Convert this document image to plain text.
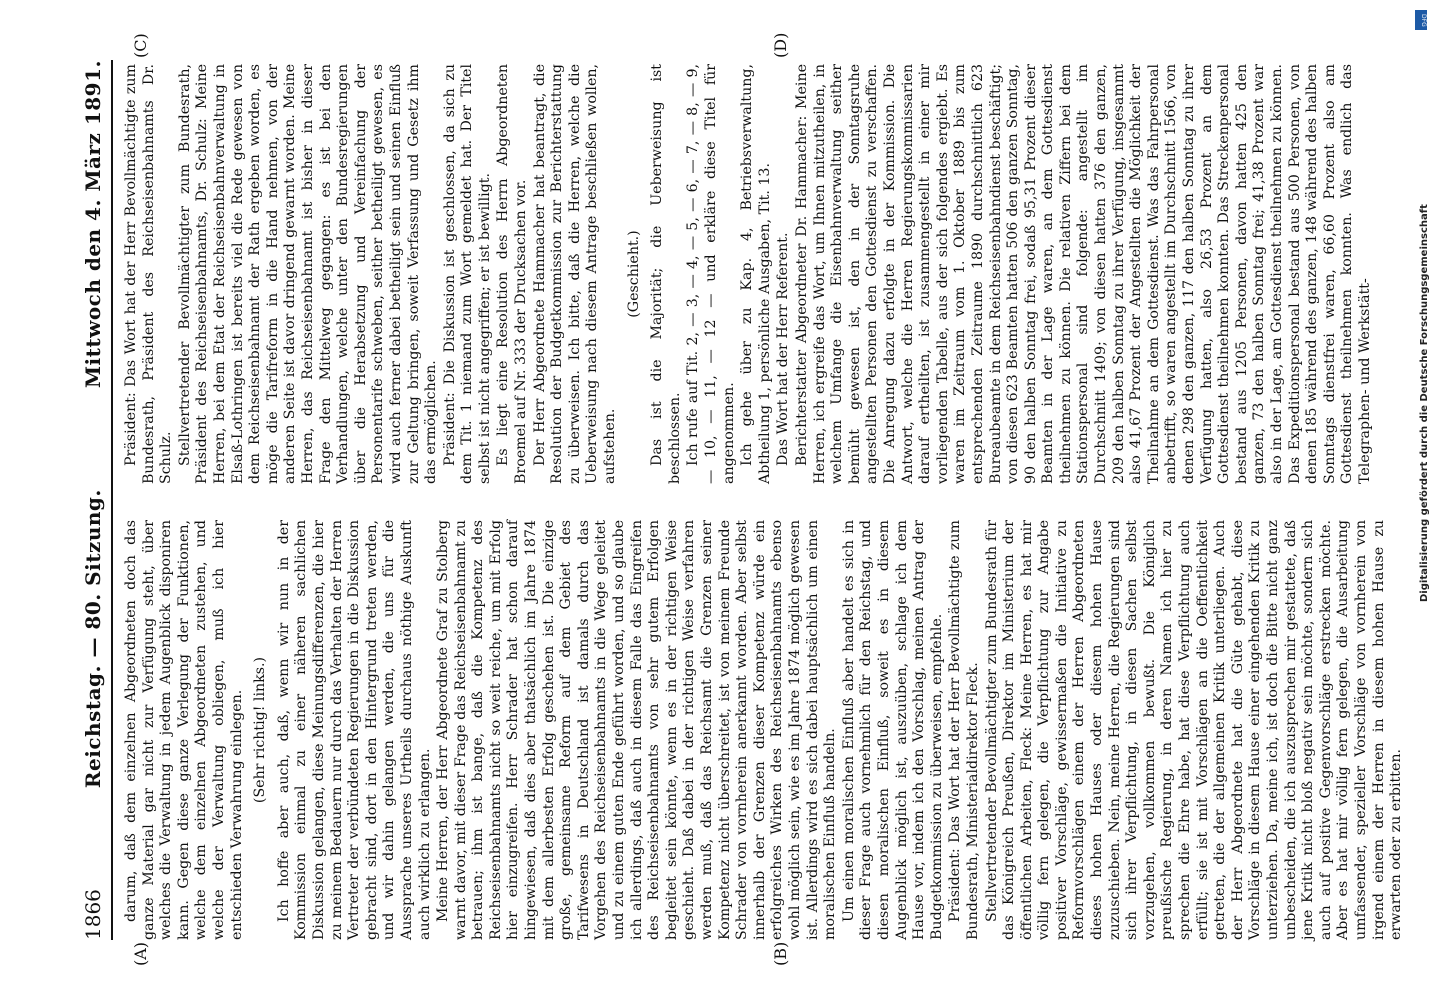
1866
Reichstag. — 80. Sitzung.
Mittwoch den 4. März 1891.
(A)	(B)
(C)	(D)

darum, daß dem einzelnen Abgeordneten doch das ganze Material gar nicht zur Verfügung steht, über welches die Verwaltung in jedem Augenblick disponiren kann. Gegen diese ganze Verlegung der Funktionen, welche dem einzelnen Abgeordneten zustehen, und welche der Verwaltung obliegen, muß ich hier entschieden Verwahrung einlegen. (Sehr richtig! links.) Ich hoffe aber auch, daß, wenn wir nun in der Kommission einmal zu einer näheren sachlichen Diskussion gelangen, diese Meinungsdifferenzen, die hier zu meinem Bedauern nur durch das Verhalten der Herren Vertreter der verbündeten Regierungen in die Diskussion gebracht sind, dort in den Hintergrund treten werden, und wir dahin gelangen werden, die uns für die Aussprache unseres Urtheils durchaus nöthige Auskunft auch wirklich zu erlangen. Meine Herren, der Herr Abgeordnete Graf zu Stolberg warnt davor, mit dieser Frage das Reichseisenbahnamt zu betrauen; ihm ist bange, daß die Kompetenz des Reichseisenbahnamts nicht so weit reiche, um mit Erfolg hier einzugreifen. Herr Schrader hat schon darauf hingewiesen, daß dies aber thatsächlich im Jahre 1874 mit dem allerbesten Erfolg geschehen ist. Die einzige große, gemeinsame Reform auf dem Gebiet des Tarifwesens in Deutschland ist damals durch das Vorgehen des Reichseisenbahnamts in die Wege geleitet und zu einem guten Ende geführt worden, und so glaube ich allerdings, daß auch in diesem Falle das Eingreifen des Reichseisenbahnamts von sehr gutem Erfolgen begleitet sein könnte, wenn es in der richtigen Weise geschieht. Daß dabei in der richtigen Weise verfahren werden muß, daß das Reichsamt die Grenzen seiner Kompetenz nicht überschreitet, ist von meinem Freunde Schrader von vornherein anerkannt worden. Aber selbst innerhalb der Grenzen dieser Kompetenz würde ein erfolgreiches Wirken des Reichseisenbahnamts ebenso wohl möglich sein, wie es im Jahre 1874 möglich gewesen ist. Allerdings wird es sich dabei hauptsächlich um einen moralischen Einfluß handeln. Um einen moralischen Einfluß aber handelt es sich in dieser Frage auch vornehmlich für den Reichstag, und diesen moralischen Einfluß, soweit es in diesem Augenblick möglich ist, auszuüben, schlage ich dem Hause vor, indem ich den Vorschlag, meinen Antrag der Budgetkommission zu überweisen, empfehle. Präsident: Das Wort hat der Herr Bevollmächtigte zum Bundesrath, Ministerialdirektor Fleck. Stellvertretender Bevollmächtigter zum Bundesrath für das Königreich Preußen, Direktor im Ministerium der öffentlichen Arbeiten, Fleck: Meine Herren, es hat mir völlig fern gelegen, die Verpflichtung zur Angabe positiver Vorschläge, gewissermaßen die Initiative zu Reformvorschlägen einem der Herren Abgeordneten dieses hohen Hauses oder diesem hohen Hause zuzuschieben. Nein, meine Herren, die Regierungen sind sich ihrer Verpflichtung, in diesen Sachen selbst vorzugehen, vollkommen bewußt. Die Königlich preußische Regierung, in deren Namen ich hier zu sprechen die Ehre habe, hat diese Verpflichtung auch erfüllt; sie ist mit Vorschlägen an die Oeffentlichkeit getreten, die der allgemeinen Kritik unterliegen. Auch der Herr Abgeordnete hat die Güte gehabt, diese Vorschläge in diesem Hause einer eingehenden Kritik zu unterziehen. Da, meine ich, ist doch die Bitte nicht ganz unbescheiden, die ich auszusprechen mir gestattete, daß jene Kritik nicht bloß negativ sein möchte, sondern sich auch auf positive Gegenvorschläge erstrecken möchte. Aber es hat mir völlig fern gelegen, die Ausarbeitung umfassender, spezieller Vorschläge von vornherein von irgend einem der Herren in diesem hohen Hause zu erwarten oder zu erbitten.

Präsident: Das Wort hat der Herr Bevollmächtigte zum Bundesrath, Präsident des Reichseisenbahnamts Dr. Schulz. Stellvertretender Bevollmächtigter zum Bundesrath, Präsident des Reichseisenbahnamts, Dr. Schulz: Meine Herren, bei dem Etat der Reichseisenbahnverwaltung in Elsaß-Lothringen ist bereits viel die Rede gewesen von dem Reichseisenbahnamt der Rath ergeben worden, es möge die Tarifreform in die Hand nehmen, von der anderen Seite ist davor dringend gewarnt worden. Meine Herren, das Reichseisenbahnamt ist bisher in dieser Frage den Mittelweg gegangen: es ist bei den Verhandlungen, welche unter den Bundesregierungen über die Herabsetzung und Vereinfachung der Personentarife schweben, seither betheiligt gewesen, es wird auch ferner dabei betheiligt sein und seinen Einfluß zur Geltung bringen, soweit Verfassung und Gesetz ihm das ermöglichen. Präsident: Die Diskussion ist geschlossen, da sich zu dem Tit. 1 niemand zum Wort gemeldet hat. Der Titel selbst ist nicht angegriffen; er ist bewilligt. Es liegt eine Resolution des Herrn Abgeordneten Broemel auf Nr. 333 der Drucksachen vor. Der Herr Abgeordnete Hammacher hat beantragt, die Resolution der Budgetkommission zur Berichterstattung zu überweisen. Ich bitte, daß die Herren, welche die Ueberweisung nach diesem Antrage beschließen wollen, aufstehen.

(Geschieht.) Das ist die Majorität; die Ueberweisung ist beschlossen. Ich rufe auf Tit. 2, — 3, — 4, — 5, — 6, — 7, — 8, — 9, — 10, — 11, — 12 — und erkläre diese Titel für angenommen. Ich gehe über zu Kap. 4, Betriebsverwaltung, Abtheilung 1, persönliche Ausgaben, Tit. 13. Das Wort hat der Herr Referent. Berichterstatter Abgeordneter Dr. Hammacher: Meine Herren, ich ergreife das Wort, um Ihnen mitzutheilen, in welchem Umfange die Eisenbahnverwaltung seither bemüht gewesen ist, den in der Sonntagsruhe angestellten Personen den Gottesdienst zu verschaffen. Die Anregung dazu erfolgte in der Kommission. Die Antwort, welche die Herren Regierungskommissarien darauf ertheilten, ist zusammengestellt in einer mir vorliegenden Tabelle, aus der sich folgendes ergiebt. Es waren im Zeitraum vom 1. Oktober 1889 bis zum entsprechenden Zeitraume 1890 durchschnittlich 623 Bureaubeamte in dem Reichseisenbahndienst beschäftigt; von diesen 623 Beamten hatten 506 den ganzen Sonntag, 90 den halben Sonntag frei, sodaß 95,31 Prozent dieser Beamten in der Lage waren, an dem Gottesdienst theilnehmen zu können. Die relativen Ziffern bei dem Stationspersonal sind folgende: angestellt im Durchschnitt 1409; von diesen hatten 376 den ganzen, 209 den halben Sonntag zu ihrer Verfügung, insgesammt also 41,67 Prozent der Angestellten die Möglichkeit der Theilnahme an dem Gottesdienst. Was das Fahrpersonal anbetrifft, so waren angestellt im Durchschnitt 1566, von denen 298 den ganzen, 117 den halben Sonntag zu ihrer Verfügung hatten, also 26,53 Prozent an dem Gottesdienst theilnehmen konnten. Das Streckenpersonal bestand aus 1205 Personen, davon hatten 425 den ganzen, 73 den halben Sonntag frei; 41,38 Prozent war also in der Lage, am Gottesdienst theilnehmen zu können. Das Expeditionspersonal bestand aus 500 Personen, von denen 185 während des ganzen, 148 während des halben Sonntags dienstfrei waren, 66,60 Prozent also am Gottesdienst theilnehmen konnten. Was endlich das Telegraphen- und Werkstätt-

DFG
Digitalisierung gefördert durch die Deutsche Forschungsgemeinschaft
